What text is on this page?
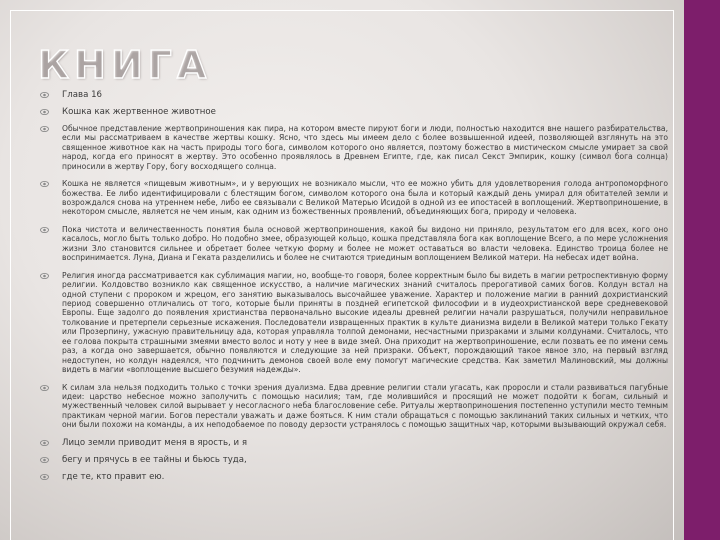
КНИГА
Глава 16
Кошка как жертвенное животное
Обычное представление жертвоприношения как пира, на котором вместе пируют боги и люди, полностью находится вне нашего разбирательства, если мы рассматриваем в качестве жертвы кошку. Ясно, что здесь мы имеем дело с более возвышенной идеей, позволяющей взглянуть на это священное животное как на часть природы того бога, символом которого оно является, поэтому божество в мистическом смысле умирает за свой народ, когда его приносят в жертву. Это особенно проявлялось в Древнем Египте, где, как писал Секст Эмпирик, кошку (символ бога солнца) приносили в жертву Гору, богу восходящего солнца.
Кошка не является «пищевым животным», и у верующих не возникало мысли, что ее можно убить для удовлетворения голода антропоморфного божества. Ее либо идентифицировали с блестящим богом, символом которого она была и который каждый день умирал для обитателей земли и возрождался снова на утреннем небе, либо ее связывали с Великой Матерью Исидой в одной из ее ипостасей в воплощений. Жертвоприношение, в некотором смысле, является не чем иным, как одним из божественных проявлений, объединяющих бога, природу и человека.
Пока чистота и величественность понятия была основой жертвоприношения, какой бы видоно ни приняло, результатом его для всех, кого оно касалось, могло быть только добро. Но подобно змее, образующей кольцо, кошка представляла бога как воплощение Всего, а по мере усложнения жизни Зло становится сильнее и обретает более четкую форму и более не может оставаться во власти человека. Единство троица более не воспринимается. Луна, Диана и Геката разделились и более не считаются триединым воплощением Великой матери. На небесах идет война.
Религия иногда рассматривается как сублимация магии, но, вообще-то говоря, более корректным было бы видеть в магии ретроспективную форму религии. Колдовство возникло как священное искусство, а наличие магических знаний считалось прерогативой самих богов. Колдун встал на одной ступени с пророком и жрецом, его занятию выказывалось высочайшее уважение. Характер и положение магии в ранний дохристианский период совершенно отличались от того, которые были приняты в поздней египетской философии и в иудеохристианской вере средневековой Европы. Еще задолго до появления христианства первоначально высокие идеалы древней религии начали разрушаться, получили неправильное толкование и претерпели серьезные искажения. Последователи извращенных практик в культе дианизма видели в Великой матери только Гекату или Прозерпину, ужасную правительницу ада, которая управляла толпой демонами, несчастными призраками и злыми колдунами. Считалось, что ее голова покрыта страшными змеями вместо волос и ноту у нее в виде змей. Она приходит на жертвоприношение, если позвать ее по имени семь раз, а когда оно завершается, обычно появляются и следующие за ней призраки. Объект, порождающий такое явное зло, на первый взгляд недоступен, но колдун надеялся, что подчинить демонов своей воле ему помогут магические средства. Как заметил Малиновский, мы должны видеть в магии «воплощение высшего безумия надежды».
К силам зла нельзя подходить только с точки зрения дуализма. Едва древние религии стали угасать, как проросли и стали развиваться пагубные идеи: царство небесное можно заполучить с помощью насилия; там, где молившийся и просящий не может подойти к богам, сильный и мужественный человек силой вырывает у несогласного неба благословение себе. Ритуалы жертвоприношения постепенно уступили место темным практикам черной магии. Богов перестали уважать и даже бояться. К ним стали обращаться с помощью заклинаний таких сильных и четких, что они были похожи на команды, а их неподобаемое по поводу дерзости устранялось с помощью защитных чар, которыми вызывающий окружал себя.
Лицо земли приводит меня в ярость, и я
бегу и прячусь в ее тайны и бьюсь туда,
где те, кто правит ею.
